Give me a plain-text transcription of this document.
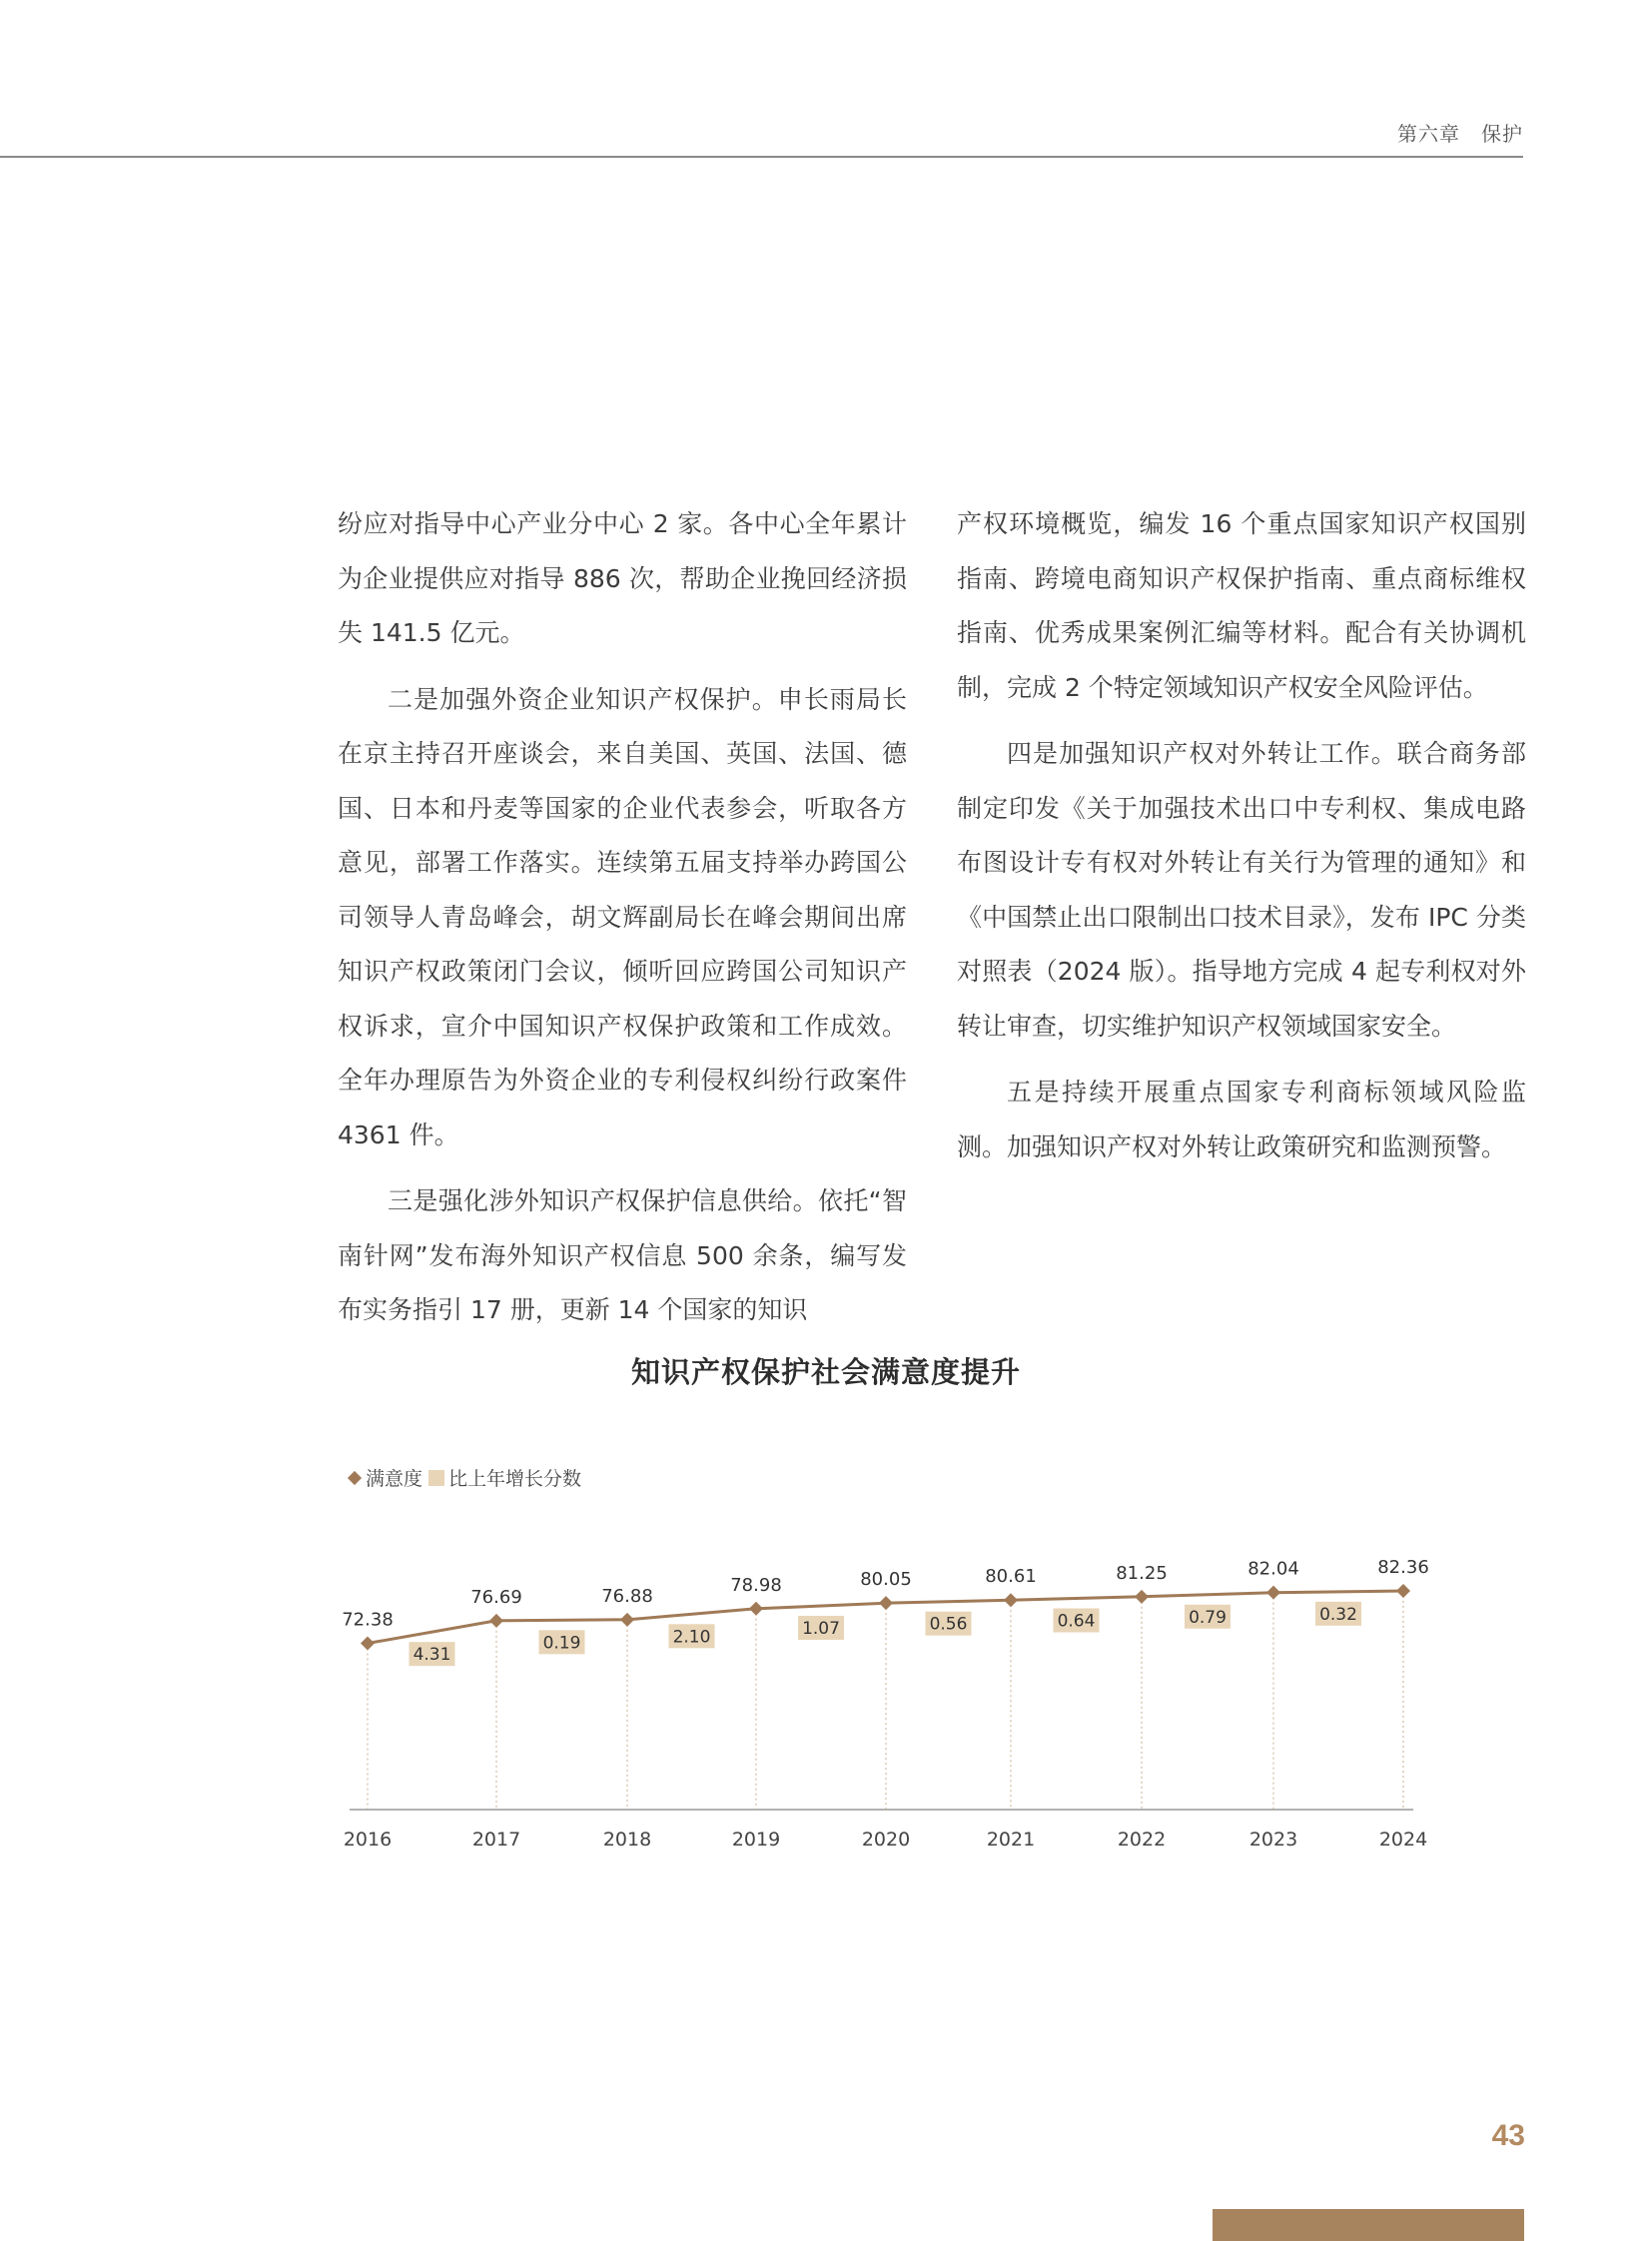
第六章　保护

纷应对指导中心产业分中心 2 家。各中心全年累计为企业提供应对指导 886 次，帮助企业挽回经济损失 141.5 亿元。

二是加强外资企业知识产权保护。申长雨局长在京主持召开座谈会，来自美国、英国、法国、德国、日本和丹麦等国家的企业代表参会，听取各方意见，部署工作落实。连续第五届支持举办跨国公司领导人青岛峰会，胡文辉副局长在峰会期间出席知识产权政策闭门会议，倾听回应跨国公司知识产权诉求，宣介中国知识产权保护政策和工作成效。全年办理原告为外资企业的专利侵权纠纷行政案件 4361 件。

三是强化涉外知识产权保护信息供给。依托“智南针网”发布海外知识产权信息 500 余条，编写发布实务指引 17 册，更新 14 个国家的知识

产权环境概览，编发 16 个重点国家知识产权国别指南、跨境电商知识产权保护指南、重点商标维权指南、优秀成果案例汇编等材料。配合有关协调机制，完成 2 个特定领域知识产权安全风险评估。

四是加强知识产权对外转让工作。联合商务部制定印发《关于加强技术出口中专利权、集成电路布图设计专有权对外转让有关行为管理的通知》和《中国禁止出口限制出口技术目录》，发布 IPC 分类对照表（2024 版）。指导地方完成 4 起专利权对外转让审查，切实维护知识产权领域国家安全。

五是持续开展重点国家专利商标领域风险监测。加强知识产权对外转让政策研究和监测预警。

知识产权保护社会满意度提升
满意度 比上年增长分数
72.38
76.69	76.88
78.98	80.05	80.61	81.25	82.04	82.36
4.31
0.19	2.10	1.07	0.56	0.64	0.79	0.32
2016	2017	2018	2019	2020	2021	2022	2023	2024
43
